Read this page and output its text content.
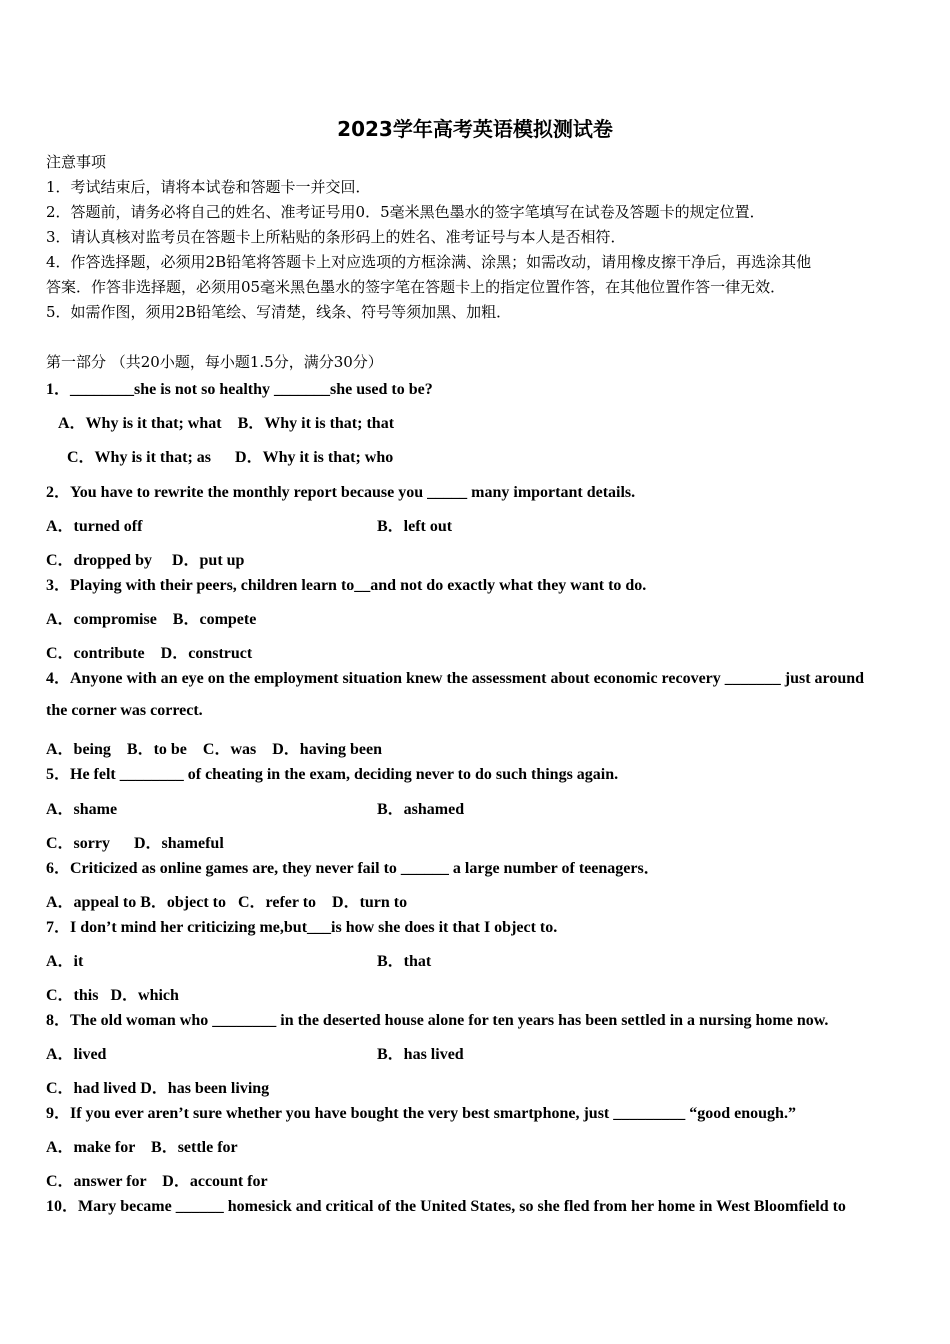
2023学年高考英语模拟测试卷
注意事项
1．考试结束后，请将本试卷和答题卡一并交回．
2．答题前，请务必将自己的姓名、准考证号用0．5毫米黑色墨水的签字笔填写在试卷及答题卡的规定位置．
3．请认真核对监考员在答题卡上所粘贴的条形码上的姓名、准考证号与本人是否相符．
4．作答选择题，必须用2B铅笔将答题卡上对应选项的方框涂满、涂黑；如需改动，请用橡皮擦干净后，再选涂其他
答案．作答非选择题，必须用05毫米黑色墨水的签字笔在答题卡上的指定位置作答，在其他位置作答一律无效．
5．如需作图，须用2B铅笔绘、写清楚，线条、符号等须加黑、加粗．
第一部分 （共20小题，每小题1.5分，满分30分）
1．________she is not so healthy _______she used to be?
A．Why is it that; what    B．Why it is that; that
C．Why is it that; as      D．Why it is that; who
2．You have to rewrite the monthly report because you _____ many important details.
A．turned off	B．left out
C．dropped by     D．put up
3．Playing with their peers, children learn to__and not do exactly what they want to do.
A．compromise    B．compete
C．contribute    D．construct
4．Anyone with an eye on the employment situation knew the assessment about economic recovery _______ just around
the corner was correct.
A．being    B．to be    C．was    D．having been
5．He felt ________ of cheating in the exam, deciding never to do such things again.
A．shame	B．ashamed
C．sorry      D．shameful
6．Criticized as online games are, they never fail to ______ a large number of teenagers．
A．appeal to B．object to   C．refer to    D．turn to
7．I don’t mind her criticizing me,but___is how she does it that I object to.
A．it	B．that
C．this   D．which
8．The old woman who ________ in the deserted house alone for ten years has been settled in a nursing home now.
A．lived	B．has lived
C．had lived D．has been living
9．If you ever aren’t sure whether you have bought the very best smartphone, just _________ “good enough.”
A．make for    B．settle for
C．answer for    D．account for
10．Mary became ______ homesick and critical of the United States, so she fled from her home in West Bloomfield to
